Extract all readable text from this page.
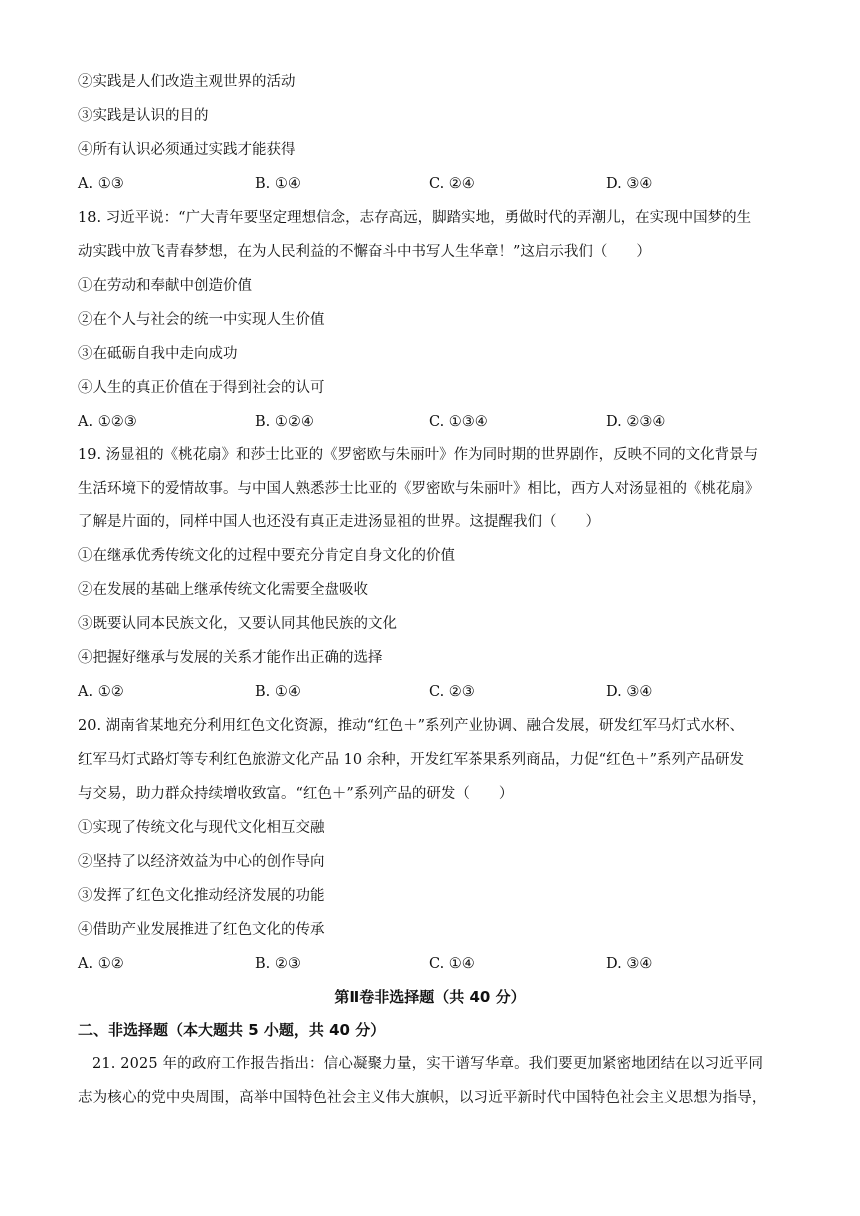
②实践是人们改造主观世界的活动
③实践是认识的目的
④所有认识必须通过实践才能获得
A. ①③	B. ①④	C. ②④	D. ③④
18. 习近平说：“广大青年要坚定理想信念，志存高远，脚踏实地，勇做时代的弄潮儿，在实现中国梦的生
动实践中放飞青春梦想，在为人民利益的不懈奋斗中书写人生华章！”这启示我们（　　）
①在劳动和奉献中创造价值
②在个人与社会的统一中实现人生价值
③在砥砺自我中走向成功
④人生的真正价值在于得到社会的认可
A. ①②③	B. ①②④	C. ①③④	D. ②③④
19. 汤显祖的《桃花扇》和莎士比亚的《罗密欧与朱丽叶》作为同时期的世界剧作，反映不同的文化背景与
生活环境下的爱情故事。与中国人熟悉莎士比亚的《罗密欧与朱丽叶》相比，西方人对汤显祖的《桃花扇》
了解是片面的，同样中国人也还没有真正走进汤显祖的世界。这提醒我们（　　）
①在继承优秀传统文化的过程中要充分肯定自身文化的价值
②在发展的基础上继承传统文化需要全盘吸收
③既要认同本民族文化，又要认同其他民族的文化
④把握好继承与发展的关系才能作出正确的选择
A. ①②	B. ①④	C. ②③	D. ③④
20. 湖南省某地充分利用红色文化资源，推动“红色＋”系列产业协调、融合发展，研发红军马灯式水杯、
红军马灯式路灯等专利红色旅游文化产品 10 余种，开发红军茶果系列商品，力促“红色＋”系列产品研发
与交易，助力群众持续增收致富。“红色＋”系列产品的研发（　　）
①实现了传统文化与现代文化相互交融
②坚持了以经济效益为中心的创作导向
③发挥了红色文化推动经济发展的功能
④借助产业发展推进了红色文化的传承
A. ①②	B. ②③	C. ①④	D. ③④
第Ⅱ卷非选择题（共 40 分）
二、非选择题（本大题共 5 小题，共 40 分）
21. 2025 年的政府工作报告指出：信心凝聚力量，实干谱写华章。我们要更加紧密地团结在以习近平同
志为核心的党中央周围，高举中国特色社会主义伟大旗帜，以习近平新时代中国特色社会主义思想为指导，
